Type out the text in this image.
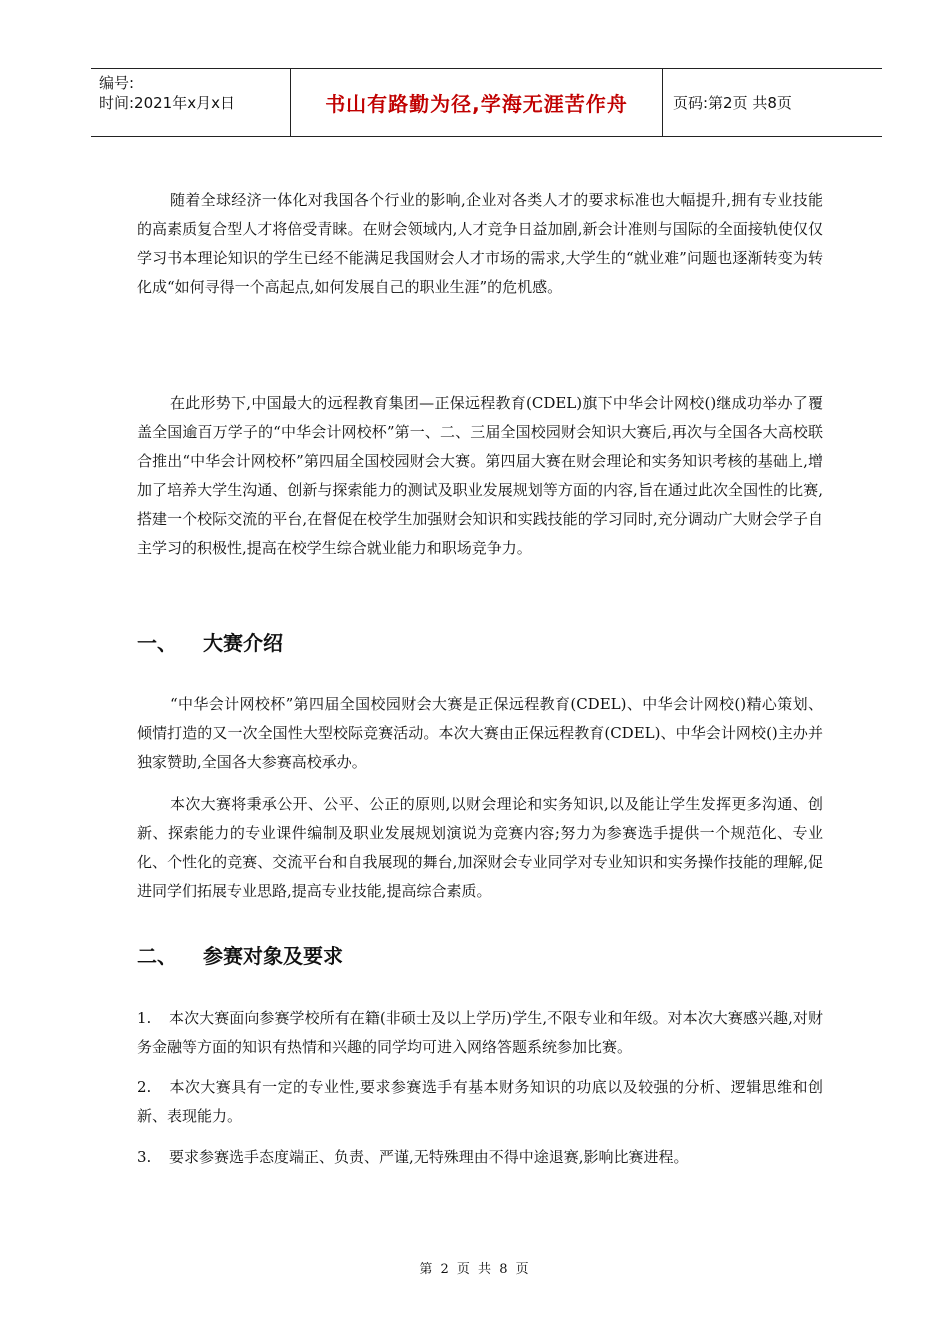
编号:
时间:2021年x月x日	书山有路勤为径,学海无涯苦作舟	页码:第2页 共8页

随着全球经济一体化对我国各个行业的影响,企业对各类人才的要求标准也大幅提升,拥有专业技能的高素质复合型人才将倍受青睐。在财会领域内,人才竞争日益加剧,新会计准则与国际的全面接轨使仅仅学习书本理论知识的学生已经不能满足我国财会人才市场的需求,大学生的“就业难”问题也逐渐转变为转化成“如何寻得一个高起点,如何发展自己的职业生涯”的危机感。

在此形势下,中国最大的远程教育集团—正保远程教育(CDEL)旗下中华会计网校()继成功举办了覆盖全国逾百万学子的“中华会计网校杯”第一、二、三届全国校园财会知识大赛后,再次与全国各大高校联合推出“中华会计网校杯”第四届全国校园财会大赛。第四届大赛在财会理论和实务知识考核的基础上,增加了培养大学生沟通、创新与探索能力的测试及职业发展规划等方面的内容,旨在通过此次全国性的比赛,搭建一个校际交流的平台,在督促在校学生加强财会知识和实践技能的学习同时,充分调动广大财会学子自主学习的积极性,提高在校学生综合就业能力和职场竞争力。

一、 大赛介绍

“中华会计网校杯”第四届全国校园财会大赛是正保远程教育(CDEL)、中华会计网校()精心策划、倾情打造的又一次全国性大型校际竞赛活动。本次大赛由正保远程教育(CDEL)、中华会计网校()主办并独家赞助,全国各大参赛高校承办。

本次大赛将秉承公开、公平、公正的原则,以财会理论和实务知识,以及能让学生发挥更多沟通、创新、探索能力的专业课件编制及职业发展规划演说为竞赛内容;努力为参赛选手提供一个规范化、专业化、个性化的竞赛、交流平台和自我展现的舞台,加深财会专业同学对专业知识和实务操作技能的理解,促进同学们拓展专业思路,提高专业技能,提高综合素质。

二、 参赛对象及要求

1. 本次大赛面向参赛学校所有在籍(非硕士及以上学历)学生,不限专业和年级。对本次大赛感兴趣,对财务金融等方面的知识有热情和兴趣的同学均可进入网络答题系统参加比赛。

2. 本次大赛具有一定的专业性,要求参赛选手有基本财务知识的功底以及较强的分析、逻辑思维和创新、表现能力。

3. 要求参赛选手态度端正、负责、严谨,无特殊理由不得中途退赛,影响比赛进程。

第 2 页 共 8 页
